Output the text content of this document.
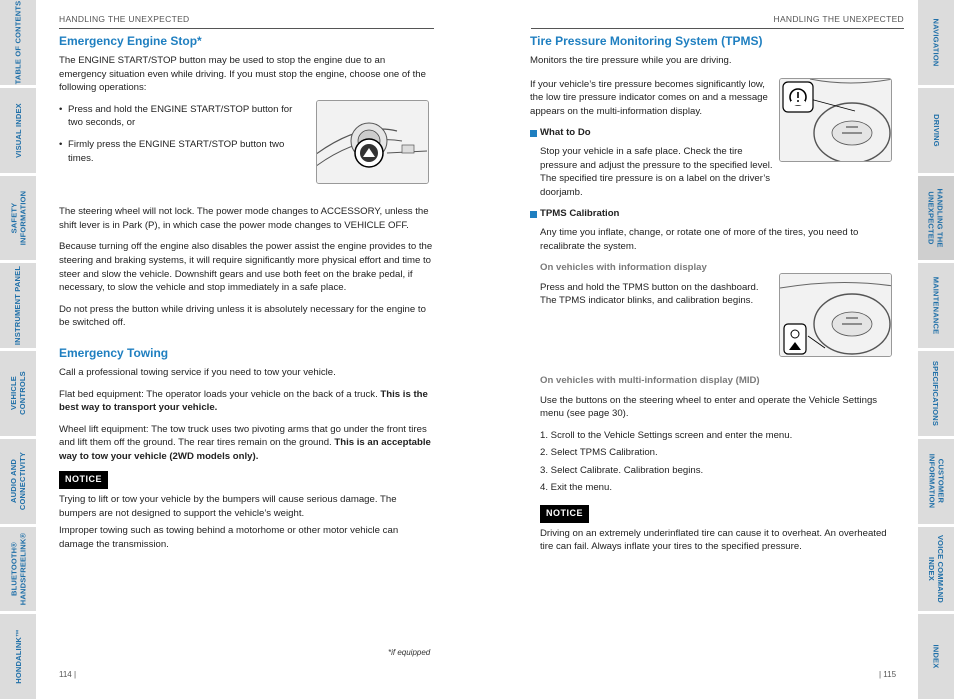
TABLE OF CONTENTS
VISUAL INDEX
SAFETY
INFORMATION
INSTRUMENT PANEL
VEHICLE
CONTROLS
AUDIO AND
CONNECTIVITY
BLUETOOTH®
HANDSFREELINK®
HONDALINK™
NAVIGATION
DRIVING
HANDLING THE
UNEXPECTED
MAINTENANCE
SPECIFICATIONS
CUSTOMER
INFORMATION
VOICE COMMAND
INDEX
INDEX
HANDLING THE UNEXPECTED	HANDLING THE UNEXPECTED
Emergency Engine Stop*

The ENGINE START/STOP button may be used to stop the engine due to an emergency situation even while driving. If you must stop the engine, choose one of the following operations:

• Press and hold the ENGINE START/STOP button for two seconds, or
• Firmly press the ENGINE START/STOP button two times.

The steering wheel will not lock. The power mode changes to ACCESSORY, unless the shift lever is in Park (P), in which case the power mode changes to VEHICLE OFF.

Because turning off the engine also disables the power assist the engine provides to the steering and braking systems, it will require significantly more physical effort and time to steer and slow the vehicle. Downshift gears and use both feet on the brake pedal, if necessary, to slow the vehicle and stop immediately in a safe place.

Do not press the button while driving unless it is absolutely necessary for the engine to be switched off.

Emergency Towing

Call a professional towing service if you need to tow your vehicle.

Flat bed equipment: The operator loads your vehicle on the back of a truck. This is the best way to transport your vehicle.

Wheel lift equipment: The tow truck uses two pivoting arms that go under the front tires and lift them off the ground. The rear tires remain on the ground. This is an acceptable way to tow your vehicle (2WD models only).

NOTICE

Trying to lift or tow your vehicle by the bumpers will cause serious damage. The bumpers are not designed to support the vehicle’s weight.

Improper towing such as towing behind a motorhome or other motor vehicle can damage the transmission.

*if equipped
114 |
Tire Pressure Monitoring System (TPMS)

Monitors the tire pressure while you are driving.

If your vehicle’s tire pressure becomes significantly low, the low tire pressure indicator comes on and a message appears on the multi-information display.

What to Do

Stop your vehicle in a safe place. Check the tire pressure and adjust the pressure to the specified level. The specified tire pressure is on a label on the driver’s doorjamb.

TPMS Calibration

Any time you inflate, change, or rotate one of more of the tires, you need to recalibrate the system.

On vehicles with information display

Press and hold the TPMS button on the dashboard. The TPMS indicator blinks, and calibration begins.

On vehicles with multi-information display (MID)

Use the buttons on the steering wheel to enter and operate the Vehicle Settings menu (see page 30).

1. Scroll to the Vehicle Settings screen and enter the menu.
2. Select TPMS Calibration.
3. Select Calibrate. Calibration begins.
4. Exit the menu.
NOTICE

Driving on an extremely underinflated tire can cause it to overheat. An overheated tire can fail. Always inflate your tires to the specified pressure.

| 115
